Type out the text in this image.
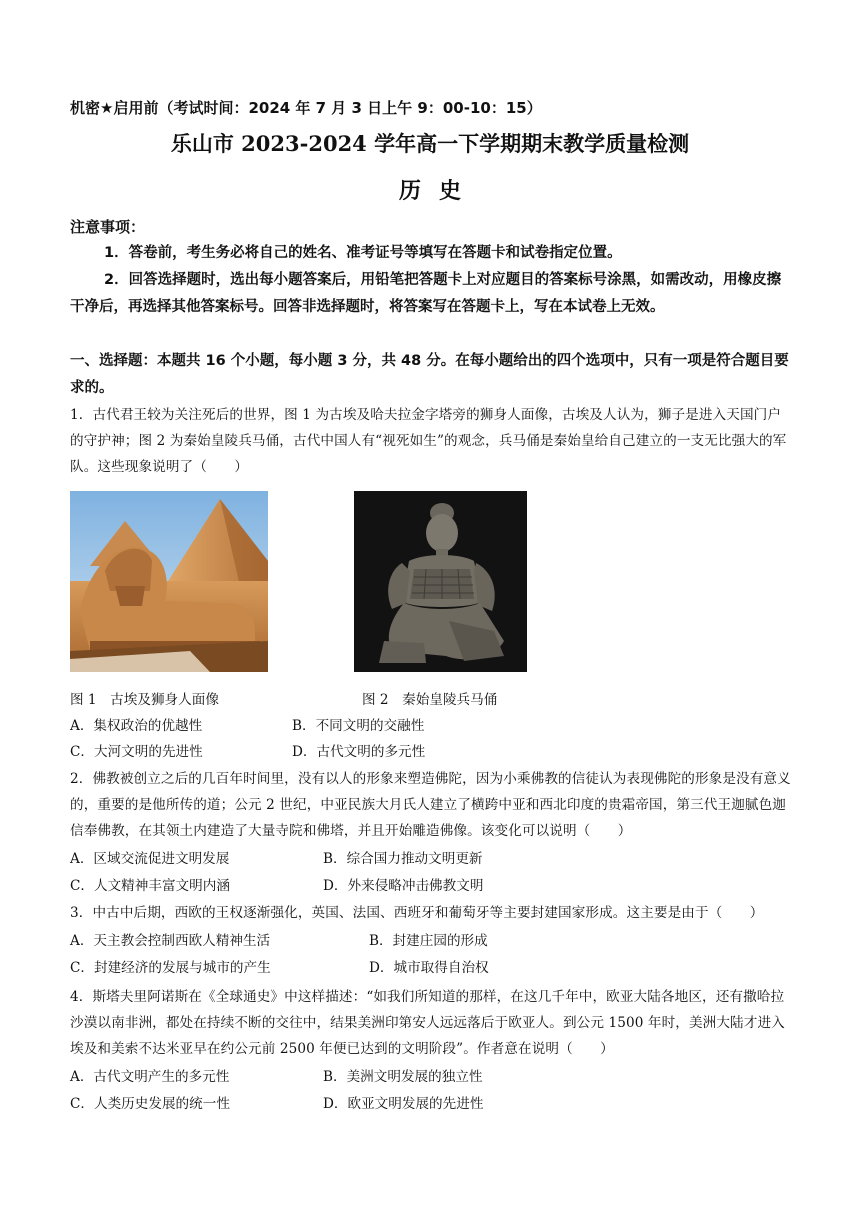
机密★启用前（考试时间：2024 年 7 月 3 日上午 9：00-10：15）
乐山市 2023-2024 学年高一下学期期末教学质量检测
历史
注意事项：
1．答卷前，考生务必将自己的姓名、准考证号等填写在答题卡和试卷指定位置。
2．回答选择题时，选出每小题答案后，用铅笔把答题卡上对应题目的答案标号涂黑，如需改动，用橡皮擦干净后，再选择其他答案标号。回答非选择题时，将答案写在答题卡上，写在本试卷上无效。
一、选择题：本题共 16 个小题，每小题 3 分，共 48 分。在每小题给出的四个选项中，只有一项是符合题目要求的。
1．古代君王较为关注死后的世界，图 1 为古埃及哈夫拉金字塔旁的狮身人面像，古埃及人认为，狮子是进入天国门户的守护神；图 2 为秦始皇陵兵马俑，古代中国人有“视死如生”的观念，兵马俑是秦始皇给自己建立的一支无比强大的军队。这些现象说明了（　　）
图 1　古埃及狮身人面像	图 2　秦始皇陵兵马俑
A．集权政治的优越性	B．不同文明的交融性
C．大河文明的先进性	D．古代文明的多元性
2．佛教被创立之后的几百年时间里，没有以人的形象来塑造佛陀，因为小乘佛教的信徒认为表现佛陀的形象是没有意义的，重要的是他所传的道；公元 2 世纪，中亚民族大月氏人建立了横跨中亚和西北印度的贵霜帝国，第三代王迦腻色迦信奉佛教，在其领土内建造了大量寺院和佛塔，并且开始雕造佛像。该变化可以说明（　　）
A．区域交流促进文明发展	B．综合国力推动文明更新
C．人文精神丰富文明内涵	D．外来侵略冲击佛教文明
3．中古中后期，西欧的王权逐渐强化，英国、法国、西班牙和葡萄牙等主要封建国家形成。这主要是由于（　　）
A．天主教会控制西欧人精神生活	B．封建庄园的形成
C．封建经济的发展与城市的产生	D．城市取得自治权
4．斯塔夫里阿诺斯在《全球通史》中这样描述：“如我们所知道的那样，在这几千年中，欧亚大陆各地区，还有撒哈拉沙漠以南非洲，都处在持续不断的交往中，结果美洲印第安人远远落后于欧亚人。到公元 1500 年时，美洲大陆才进入埃及和美索不达米亚早在约公元前 2500 年便已达到的文明阶段”。作者意在说明（　　）
A．古代文明产生的多元性	B．美洲文明发展的独立性
C．人类历史发展的统一性	D．欧亚文明发展的先进性
